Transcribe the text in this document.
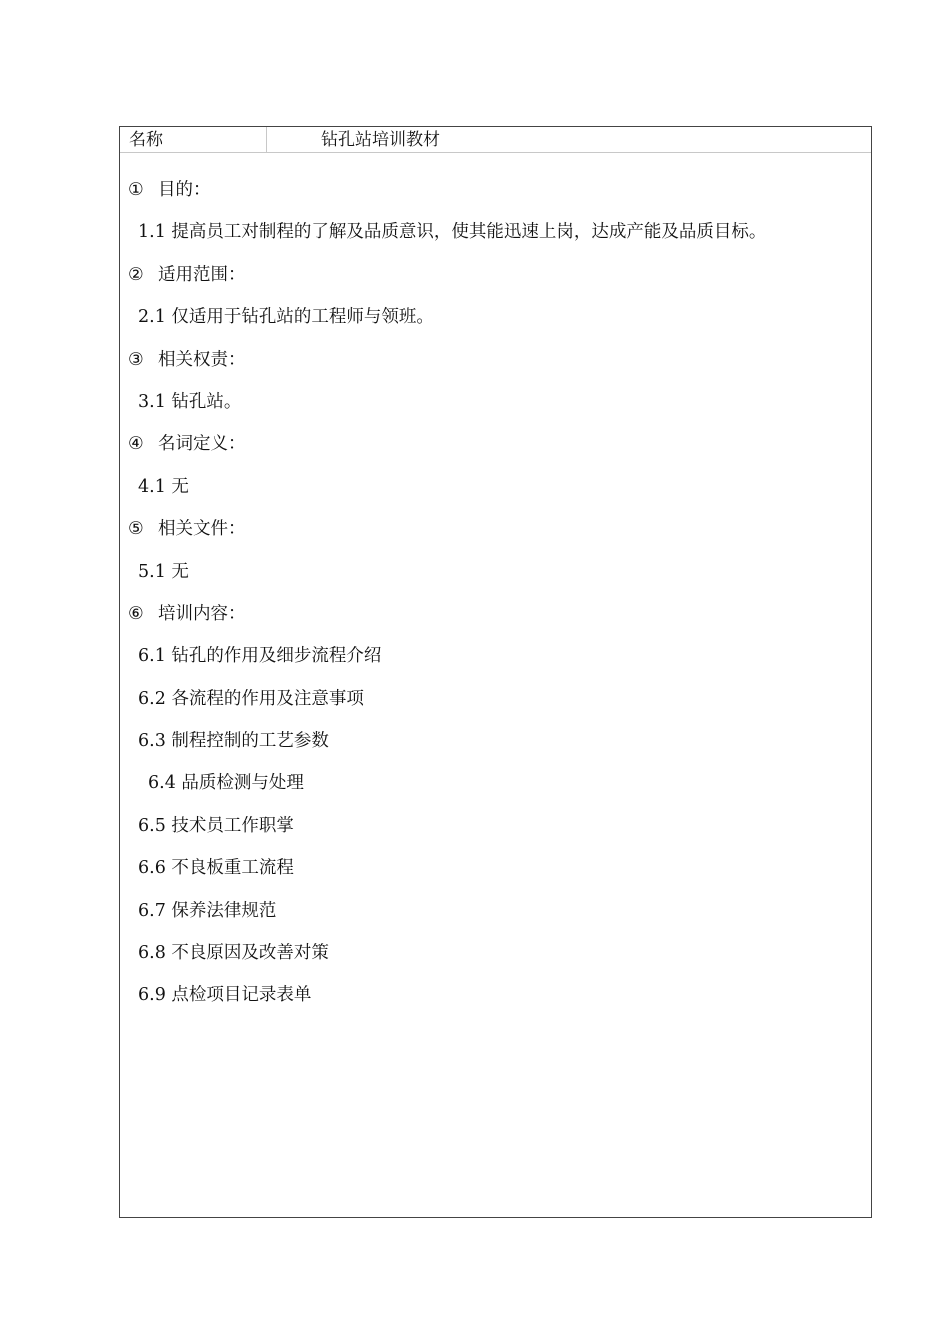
名称	钻孔站培训教材
① 目的：
1.1 提高员工对制程的了解及品质意识，使其能迅速上岗，达成产能及品质目标。
② 适用范围：
2.1 仅适用于钻孔站的工程师与领班。
③ 相关权责：
3.1 钻孔站。
④ 名词定义：
4.1 无
⑤ 相关文件：
5.1 无
⑥ 培训内容：
6.1 钻孔的作用及细步流程介绍
6.2 各流程的作用及注意事项
6.3 制程控制的工艺参数
6.4 品质检测与处理
6.5 技术员工作职掌
6.6 不良板重工流程
6.7 保养法律规范
6.8 不良原因及改善对策
6.9 点检项目记录表单
